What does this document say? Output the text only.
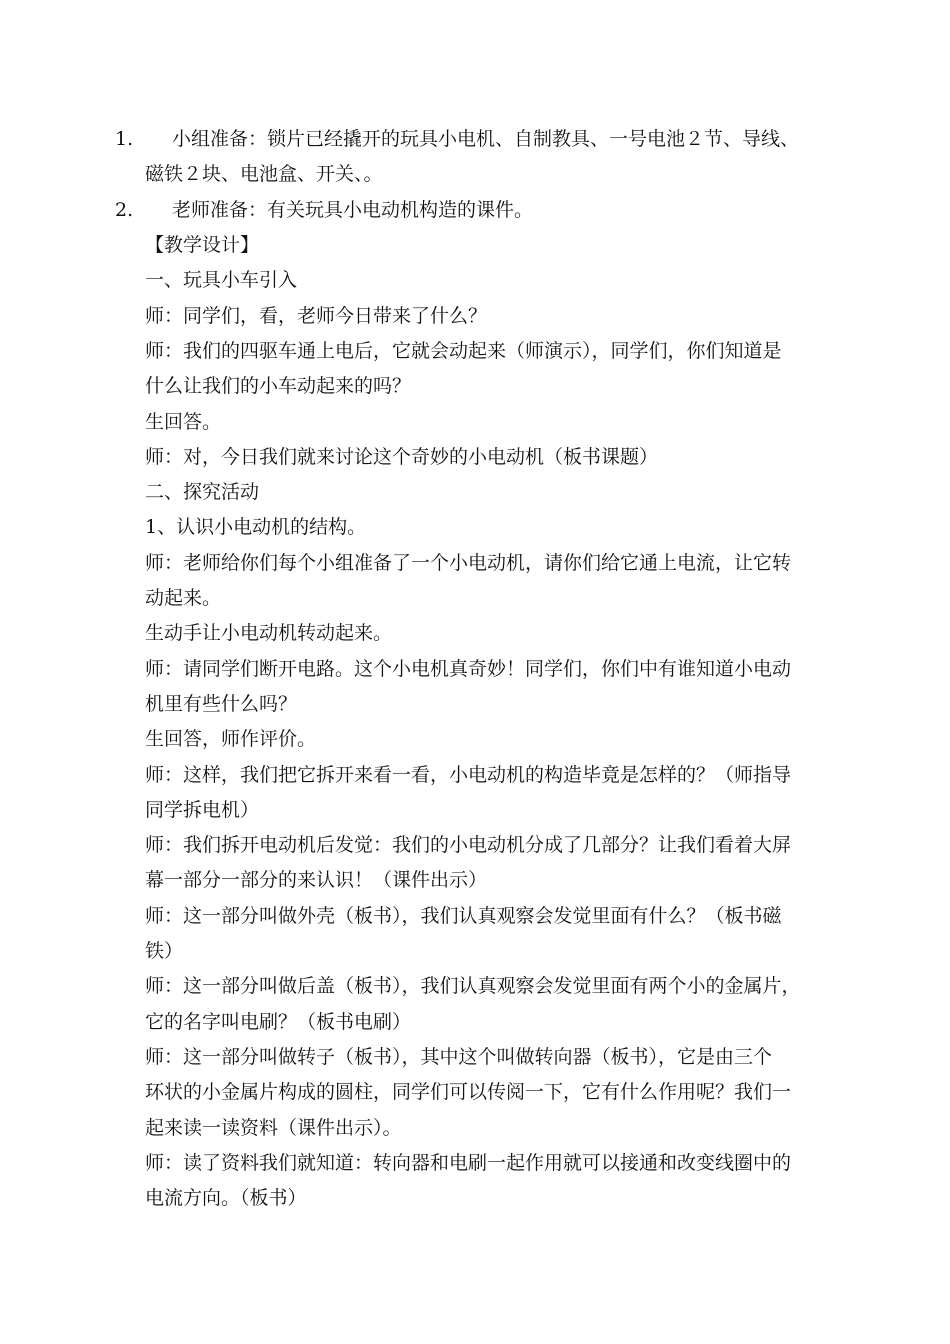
1. 小组准备：锁片已经撬开的玩具小电机、自制教具、一号电池２节、导线、
磁铁２块、电池盒、开关、。
2. 老师准备：有关玩具小电动机构造的课件。
【教学设计】
一、玩具小车引入
师：同学们，看，老师今日带来了什么？
师：我们的四驱车通上电后，它就会动起来（师演示），同学们，你们知道是
什么让我们的小车动起来的吗？
生回答。
师：对，今日我们就来讨论这个奇妙的小电动机（板书课题）
二、探究活动
1、认识小电动机的结构。
师：老师给你们每个小组准备了一个小电动机，请你们给它通上电流，让它转
动起来。
生动手让小电动机转动起来。
师：请同学们断开电路。这个小电机真奇妙！同学们，你们中有谁知道小电动
机里有些什么吗？
生回答，师作评价。
师：这样，我们把它拆开来看一看，小电动机的构造毕竟是怎样的？（师指导
同学拆电机）
师：我们拆开电动机后发觉：我们的小电动机分成了几部分？让我们看着大屏
幕一部分一部分的来认识！（课件出示）
师：这一部分叫做外壳（板书），我们认真观察会发觉里面有什么？（板书磁
铁）
师：这一部分叫做后盖（板书），我们认真观察会发觉里面有两个小的金属片，
它的名字叫电刷？（板书电刷）
师：这一部分叫做转子（板书），其中这个叫做转向器（板书），它是由三个
环状的小金属片构成的圆柱，同学们可以传阅一下，它有什么作用呢？我们一
起来读一读资料（课件出示）。
师：读了资料我们就知道：转向器和电刷一起作用就可以接通和改变线圈中的
电流方向。（板书）
